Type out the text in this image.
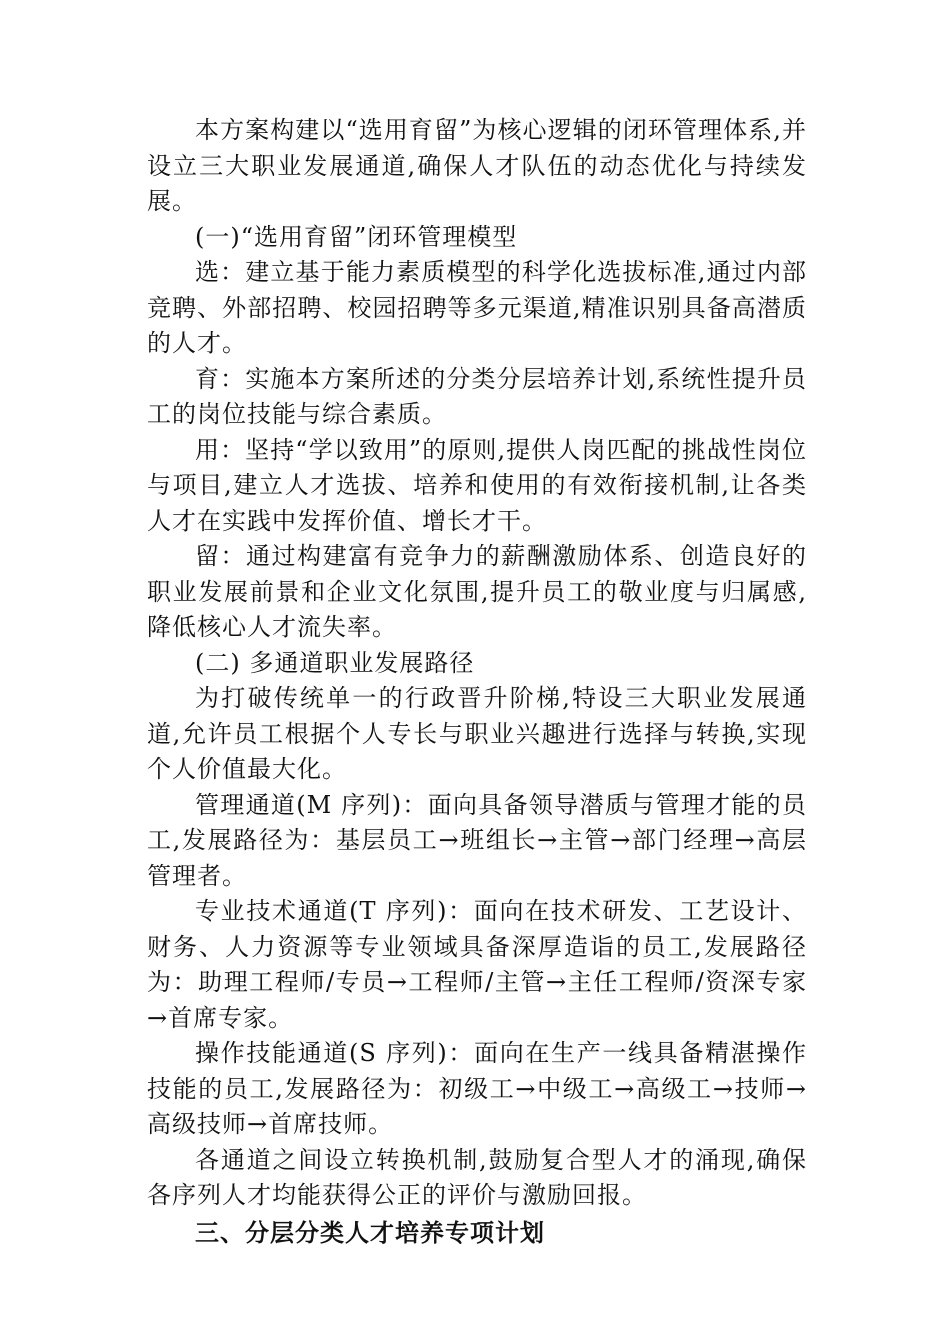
本方案构建以“选用育留”为核心逻辑的闭环管理体系,并设立三大职业发展通道,确保人才队伍的动态优化与持续发展。

(一)“选用育留”闭环管理模型

选：建立基于能力素质模型的科学化选拔标准,通过内部竞聘、外部招聘、校园招聘等多元渠道,精准识别具备高潜质的人才。

育：实施本方案所述的分类分层培养计划,系统性提升员工的岗位技能与综合素质。

用：坚持“学以致用”的原则,提供人岗匹配的挑战性岗位与项目,建立人才选拔、培养和使用的有效衔接机制,让各类人才在实践中发挥价值、增长才干。

留：通过构建富有竞争力的薪酬激励体系、创造良好的职业发展前景和企业文化氛围,提升员工的敬业度与归属感,降低核心人才流失率。

(二) 多通道职业发展路径

为打破传统单一的行政晋升阶梯,特设三大职业发展通道,允许员工根据个人专长与职业兴趣进行选择与转换,实现个人价值最大化。

管理通道(M 序列)：面向具备领导潜质与管理才能的员工,发展路径为：基层员工→班组长→主管→部门经理→高层管理者。

专业技术通道(T 序列)：面向在技术研发、工艺设计、财务、人力资源等专业领域具备深厚造诣的员工,发展路径为：助理工程师/专员→工程师/主管→主任工程师/资深专家→首席专家。

操作技能通道(S 序列)：面向在生产一线具备精湛操作技能的员工,发展路径为：初级工→中级工→高级工→技师→高级技师→首席技师。

各通道之间设立转换机制,鼓励复合型人才的涌现,确保各序列人才均能获得公正的评价与激励回报。

三、分层分类人才培养专项计划
